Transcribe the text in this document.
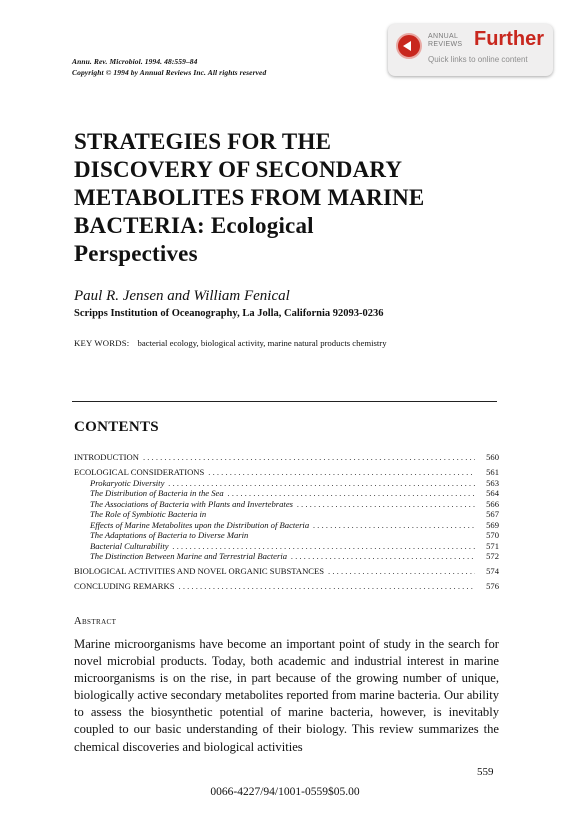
Annu. Rev. Microbiol. 1994. 48:559–84
Copyright © 1994 by Annual Reviews Inc. All rights reserved
ANNUAL
REVIEWS Further
Quick links to online content
STRATEGIES FOR THE
DISCOVERY OF SECONDARY
METABOLITES FROM MARINE
BACTERIA: Ecological
Perspectives
Paul R. Jensen and William Fenical
Scripps Institution of Oceanography, La Jolla, California 92093-0236
KEY WORDS: bacterial ecology, biological activity, marine natural products chemistry
CONTENTS
INTRODUCTION . . .	560
ECOLOGICAL CONSIDERATIONS . . .	561
Prokaryotic Diversity . . .	563
The Distribution of Bacteria in the Sea . . .	564
The Associations of Bacteria with Plants and Invertebrates . . .	566
The Role of Symbiotic Bacteria in	567
Effects of Marine Metabolites upon the Distribution of Bacteria . . .	569
The Adaptations of Bacteria to Diverse Marin	570
Bacterial Culturability . . .	571
The Distinction Between Marine and Terrestrial Bacteria . . .	572
BIOLOGICAL ACTIVITIES AND NOVEL ORGANIC SUBSTANCES . . .	574
CONCLUDING REMARKS . . .	576
Abstract

Marine microorganisms have become an important point of study in the search for novel microbial products. Today, both academic and industrial interest in marine microorganisms is on the rise, in part because of the growing number of unique, biologically active secondary metabolites reported from marine bacteria. Our ability to assess the biosynthetic potential of marine bacteria, however, is inevitably coupled to our basic understanding of their biology. This review summarizes the chemical discoveries and biological activities

559
0066-4227/94/1001-0559$05.00
